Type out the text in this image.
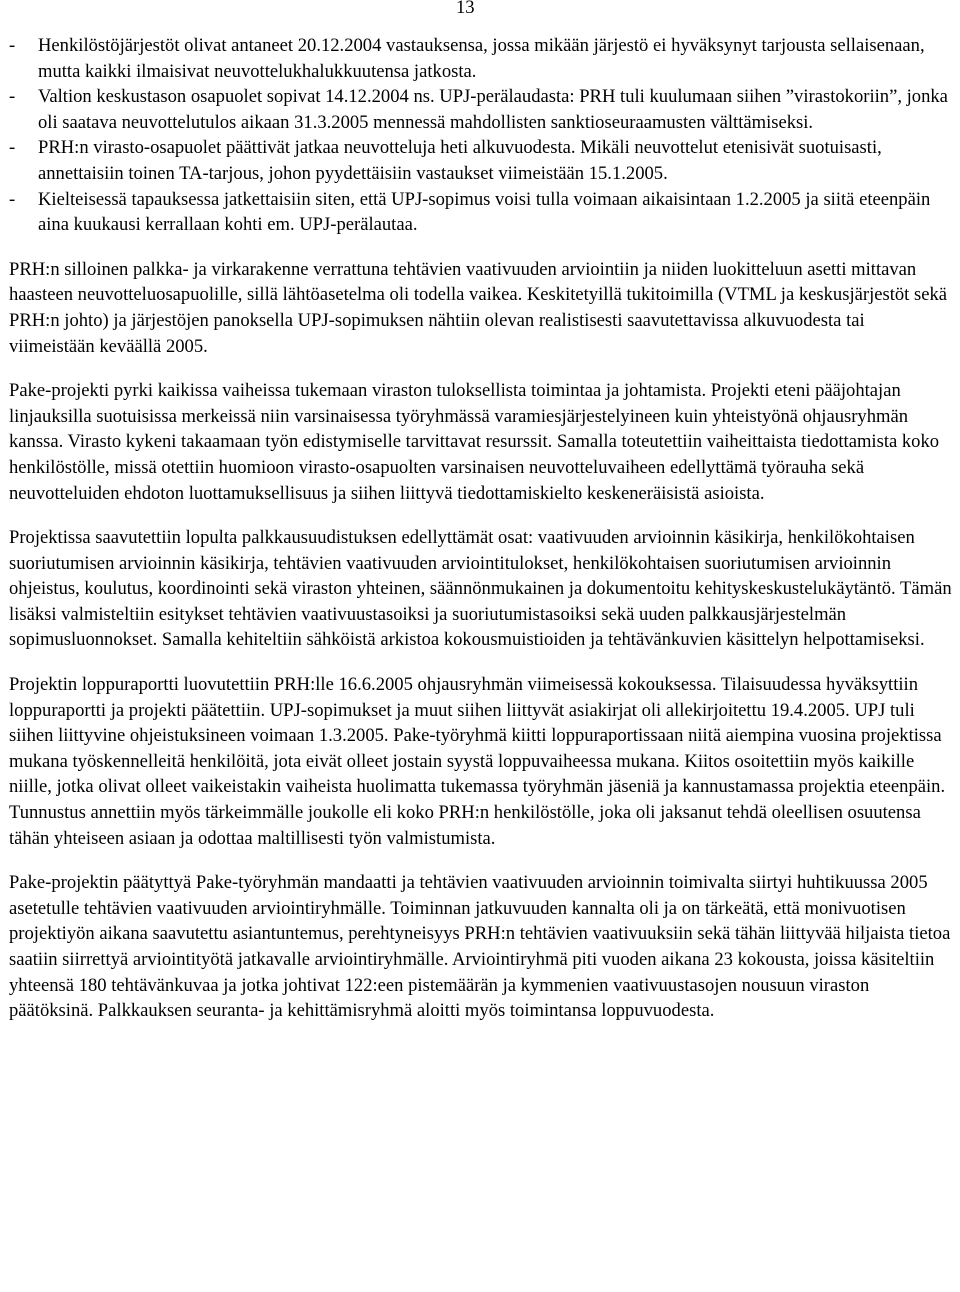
13
- Henkilöstöjärjestöt olivat antaneet 20.12.2004 vastauksensa, jossa mikään järjestö ei hyväksynyt tarjousta sellaisenaan, mutta kaikki ilmaisivat neuvottelukhalukkuutensa jatkosta.
- Valtion keskustason osapuolet sopivat 14.12.2004 ns. UPJ-perälaudasta: PRH tuli kuulumaan siihen ”virastokoriin”, jonka oli saatava neuvottelutulos aikaan 31.3.2005 mennessä mahdollisten sanktioseuraamusten välttämiseksi.
- PRH:n virasto-osapuolet päättivät jatkaa neuvotteluja heti alkuvuodesta. Mikäli neuvottelut etenisivät suotuisasti, annettaisiin toinen TA-tarjous, johon pyydettäisiin vastaukset viimeistään 15.1.2005.
- Kielteisessä tapauksessa jatkettaisiin siten, että UPJ-sopimus voisi tulla voimaan aikaisintaan 1.2.2005 ja siitä eteenpäin aina kuukausi kerrallaan kohti em. UPJ-perälautaa.

PRH:n silloinen palkka- ja virkarakenne verrattuna tehtävien vaativuuden arviointiin ja niiden luokitteluun asetti mittavan haasteen neuvotteluosapuolille, sillä lähtöasetelma oli todella vaikea. Keskitetyillä tukitoimilla (VTML ja keskusjärjestöt sekä PRH:n johto) ja järjestöjen panoksella UPJ-sopimuksen nähtiin olevan realistisesti saavutettavissa alkuvuodesta tai viimeistään keväällä 2005.

Pake-projekti pyrki kaikissa vaiheissa tukemaan viraston tuloksellista toimintaa ja johtamista. Projekti eteni pääjohtajan linjauksilla suotuisissa merkeissä niin varsinaisessa työryhmässä varamiesjärjestelyineen kuin yhteistyönä ohjausryhmän kanssa. Virasto kykeni takaamaan työn edistymiselle tarvittavat resurssit. Samalla toteutettiin vaiheittaista tiedottamista koko henkilöstölle, missä otettiin huomioon virasto-osapuolten varsinaisen neuvotteluvaiheen edellyttämä työrauha sekä neuvotteluiden ehdoton luottamuksellisuus ja siihen liittyvä tiedottamiskielto keskeneräisistä asioista.

Projektissa saavutettiin lopulta palkkausuudistuksen edellyttämät osat: vaativuuden arvioinnin käsikirja, henkilökohtaisen suoriutumisen arvioinnin käsikirja, tehtävien vaativuuden arviointitulokset, henkilökohtaisen suoriutumisen arvioinnin ohjeistus, koulutus, koordinointi sekä viraston yhteinen, säännönmukainen ja dokumentoitu kehityskeskustelukäytäntö. Tämän lisäksi valmisteltiin esitykset tehtävien vaativuustasoiksi ja suoriutumistasoiksi sekä uuden palkkausjärjestelmän sopimusluonnokset. Samalla kehiteltiin sähköistä arkistoa kokousmuistioiden ja tehtävänkuvien käsittelyn helpottamiseksi.

Projektin loppuraportti luovutettiin PRH:lle 16.6.2005 ohjausryhmän viimeisessä kokouksessa. Tilaisuudessa hyväksyttiin loppuraportti ja projekti päätettiin. UPJ-sopimukset ja muut siihen liittyvät asiakirjat oli allekirjoitettu 19.4.2005. UPJ tuli siihen liittyvine ohjeistuksineen voimaan 1.3.2005. Pake-työryhmä kiitti loppuraportissaan niitä aiempina vuosina projektissa mukana työskennelleitä henkilöitä, jota eivät olleet jostain syystä loppuvaiheessa mukana. Kiitos osoitettiin myös kaikille niille, jotka olivat olleet vaikeistakin vaiheista huolimatta tukemassa työryhmän jäseniä ja kannustamassa projektia eteenpäin. Tunnustus annettiin myös tärkeimmälle joukolle eli koko PRH:n henkilöstölle, joka oli jaksanut tehdä oleellisen osuutensa tähän yhteiseen asiaan ja odottaa maltillisesti työn valmistumista.

Pake-projektin päätyttyä Pake-työryhmän mandaatti ja tehtävien vaativuuden arvioinnin toimivalta siirtyi huhtikuussa 2005 asetetulle tehtävien vaativuuden arviointiryhmälle. Toiminnan jatkuvuuden kannalta oli ja on tärkeätä, että monivuotisen projektiyön aikana saavutettu asiantuntemus, perehtyneisyys PRH:n tehtävien vaativuuksiin sekä tähän liittyvää hiljaista tietoa saatiin siirrettyä arviointityötä jatkavalle arviointiryhmälle. Arviointiryhmä piti vuoden aikana 23 kokousta, joissa käsiteltiin yhteensä 180 tehtävänkuvaa ja jotka johtivat 122:een pistemäärän ja kymmenien vaativuustasojen nousuun viraston päätöksinä. Palkkauksen seuranta- ja kehittämisryhmä aloitti myös toimintansa loppuvuodesta.
